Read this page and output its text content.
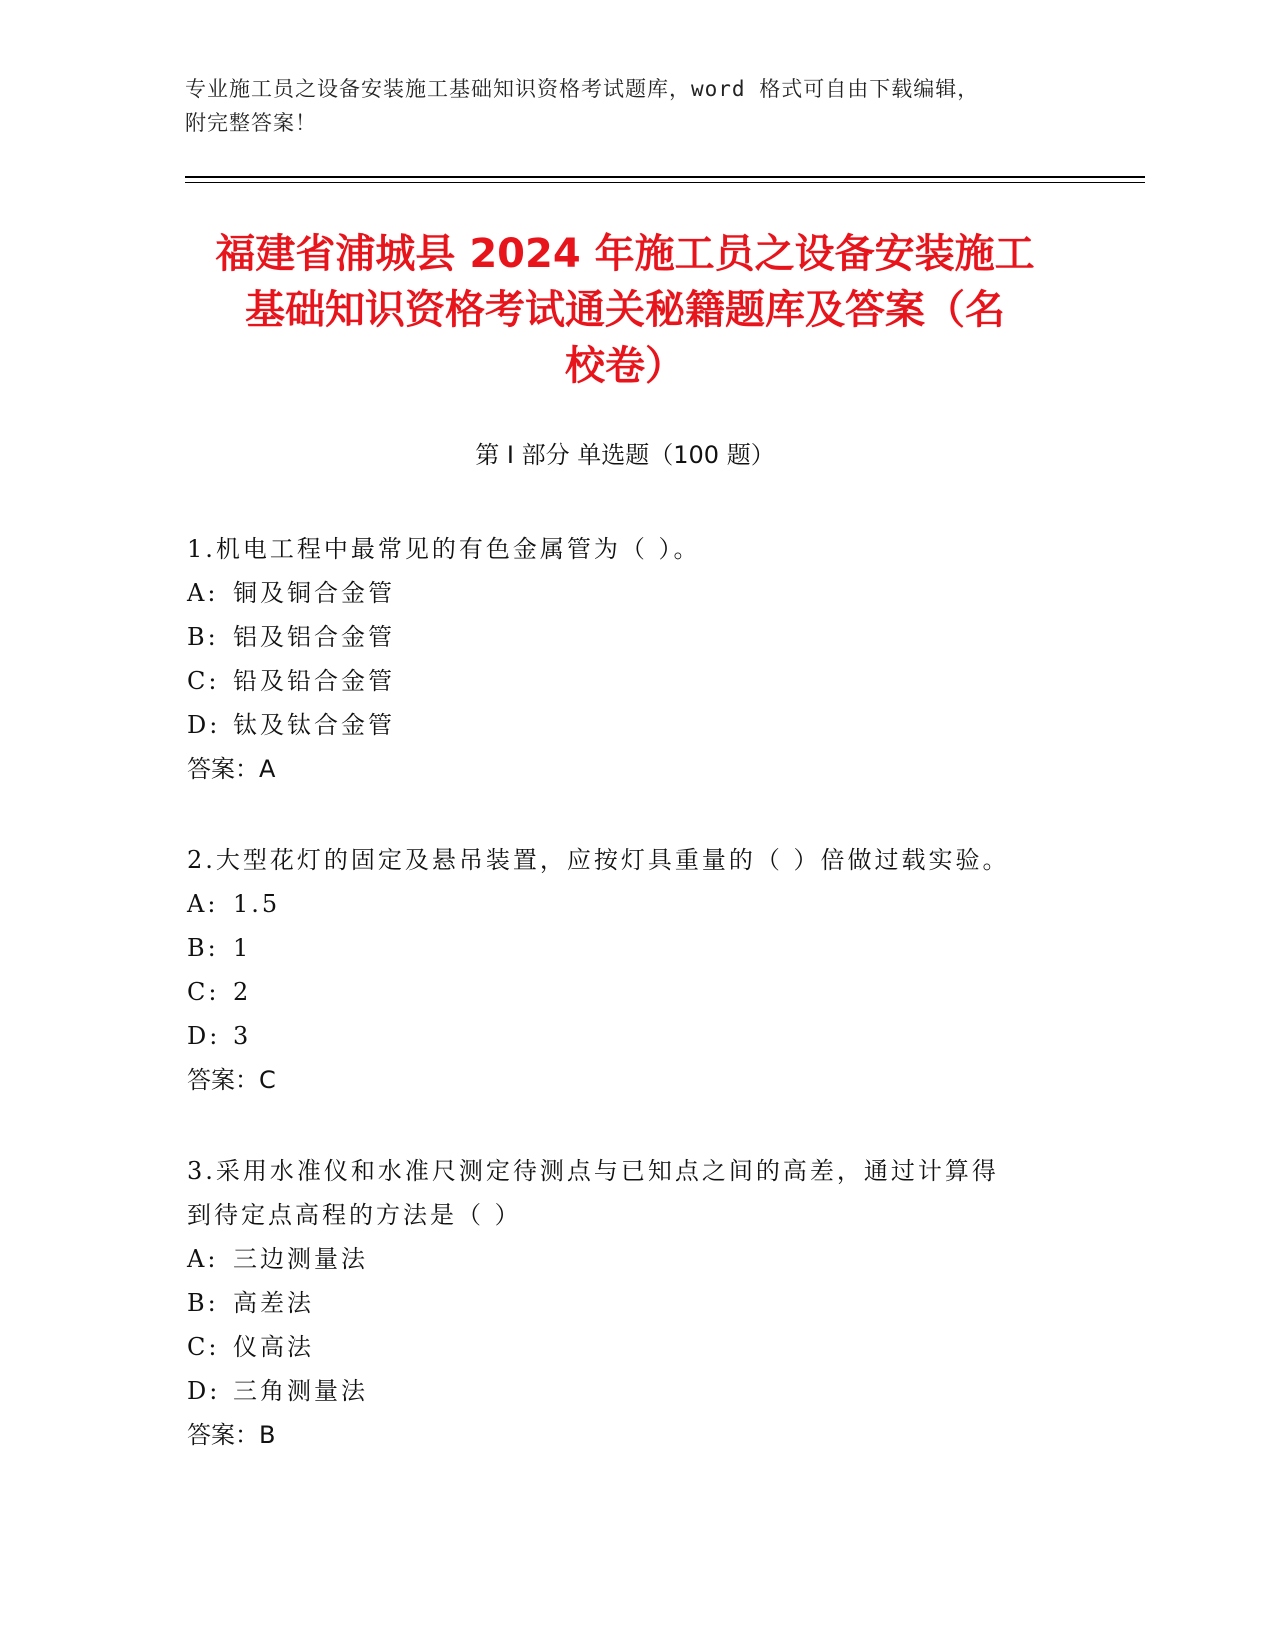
专业施工员之设备安装施工基础知识资格考试题库，word 格式可自由下载编辑，
附完整答案！
福建省浦城县 2024 年施工员之设备安装施工
基础知识资格考试通关秘籍题库及答案（名
校卷）
第 I 部分 单选题（100 题）
1.机电工程中最常见的有色金属管为（ ）。
A: 铜及铜合金管
B: 铝及铝合金管
C: 铅及铅合金管
D: 钛及钛合金管
答案：A
2.大型花灯的固定及悬吊装置，应按灯具重量的（ ）倍做过载实验。
A: 1.5
B: 1
C: 2
D: 3
答案：C
3.采用水准仪和水准尺测定待测点与已知点之间的高差，通过计算得
到待定点高程的方法是（ ）
A: 三边测量法
B: 高差法
C: 仪高法
D: 三角测量法
答案：B
